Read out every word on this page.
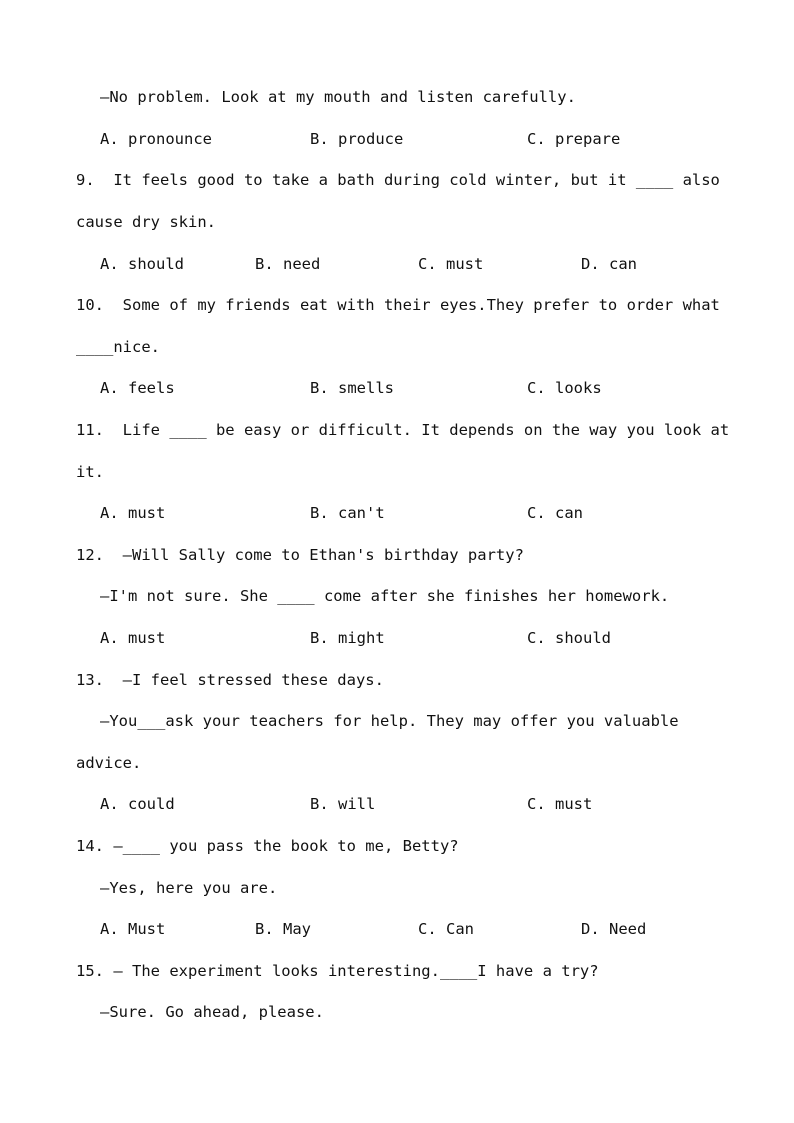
—No problem. Look at my mouth and listen carefully.
A. pronounce	B. produce	C. prepare
9.  It feels good to take a bath during cold winter, but it ____ also
cause dry skin.
A. should	B. need	C. must	D. can
10.  Some of my friends eat with their eyes.They prefer to order what
____nice.
A. feels	B. smells	C. looks
11.  Life ____ be easy or difficult. It depends on the way you look at
it.
A. must	B. can't	C. can
12.  —Will Sally come to Ethan's birthday party?
—I'm not sure. She ____ come after she finishes her homework.
A. must	B. might	C. should
13.  –I feel stressed these days.
–You___ask your teachers for help. They may offer you valuable
advice.
A. could	B. will	C. must
14. —____ you pass the book to me, Betty?
—Yes, here you are.
A. Must	B. May	C. Can	D. Need
15. — The experiment looks interesting.____I have a try?
—Sure. Go ahead, please.
